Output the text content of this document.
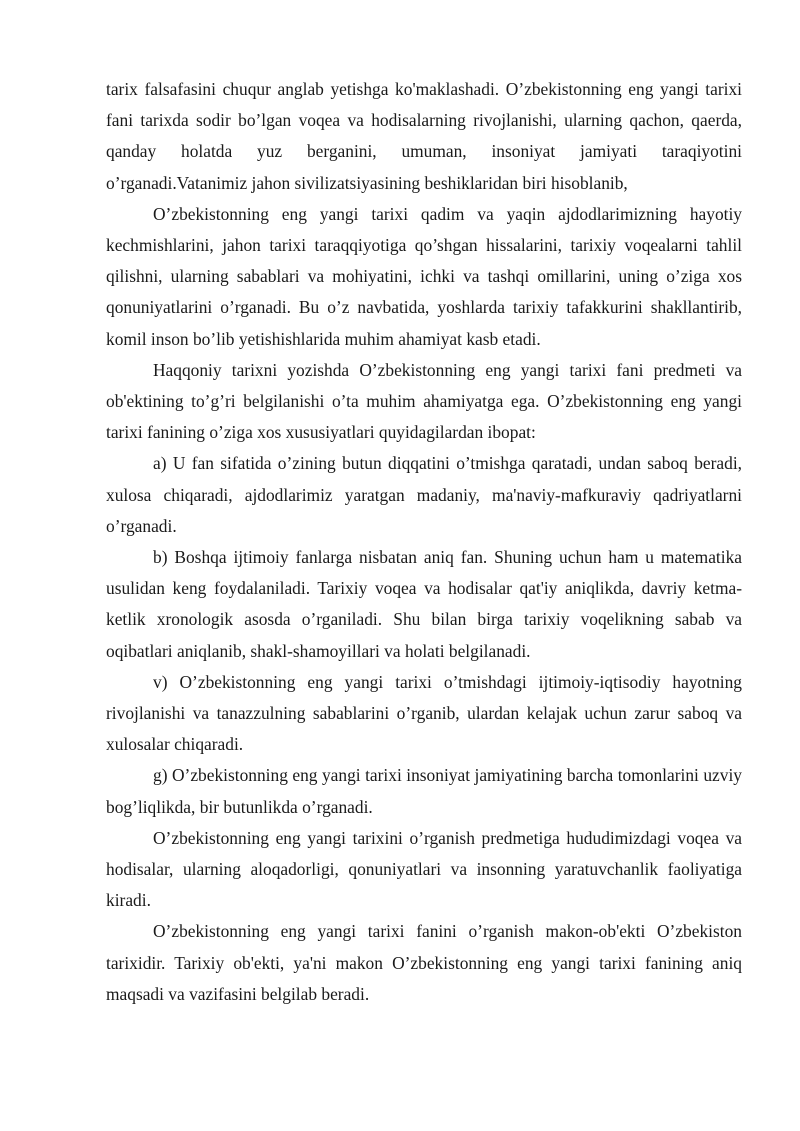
tarix falsafasini chuqur anglab yetishga ko'maklashadi. O’zbekistonning eng yangi tarixi fani tarixda sodir bo’lgan voqea va hodisalarning rivojlanishi, ularning qachon, qaerda, qanday holatda yuz berganini, umuman, insoniyat jamiyati taraqiyotini o’rganadi.Vatanimiz jahon sivilizatsiyasining beshiklaridan biri hisoblanib,

O’zbekistonning eng yangi tarixi qadim va yaqin ajdodlarimizning hayotiy kechmishlarini, jahon tarixi taraqqiyotiga qo’shgan hissalarini, tarixiy voqealarni tahlil qilishni, ularning sabablari va mohiyatini, ichki va tashqi omillarini, uning o’ziga xos qonuniyatlarini o’rganadi. Bu o’z navbatida, yoshlarda tarixiy tafakkurini shakllantirib, komil inson bo’lib yetishishlarida muhim ahamiyat kasb etadi.

Haqqoniy tarixni yozishda O’zbekistonning eng yangi tarixi fani predmeti va ob'ektining to’g’ri belgilanishi o’ta muhim ahamiyatga ega. O’zbekistonning eng yangi tarixi fanining o’ziga xos xususiyatlari quyidagilardan ibopat:

a) U fan sifatida o’zining butun diqqatini o’tmishga qaratadi, undan saboq beradi, xulosa chiqaradi, ajdodlarimiz yaratgan madaniy, ma'naviy-mafkuraviy qadriyatlarni o’rganadi.

b) Boshqa ijtimoiy fanlarga nisbatan aniq fan. Shuning uchun ham u matematika usulidan keng foydalaniladi. Tarixiy voqea va hodisalar qat'iy aniqlikda, davriy ketma-ketlik xronologik asosda o’rganiladi. Shu bilan birga tarixiy voqelikning sabab va oqibatlari aniqlanib, shakl-shamoyillari va holati belgilanadi.

v) O’zbekistonning eng yangi tarixi o’tmishdagi ijtimoiy-iqtisodiy hayotning rivojlanishi va tanazzulning sabablarini o’rganib, ulardan kelajak uchun zarur saboq va xulosalar chiqaradi.

g) O’zbekistonning eng yangi tarixi insoniyat jamiyatining barcha tomonlarini uzviy bog’liqlikda, bir butunlikda o’rganadi.

O’zbekistonning eng yangi tarixini o’rganish predmetiga hududimizdagi voqea va hodisalar, ularning aloqadorligi, qonuniyatlari va insonning yaratuvchanlik faoliyatiga kiradi.

O’zbekistonning eng yangi tarixi fanini o’rganish makon-ob'ekti O’zbekiston tarixidir. Tarixiy ob'ekti, ya'ni makon O’zbekistonning eng yangi tarixi fanining aniq maqsadi va vazifasini belgilab beradi.
